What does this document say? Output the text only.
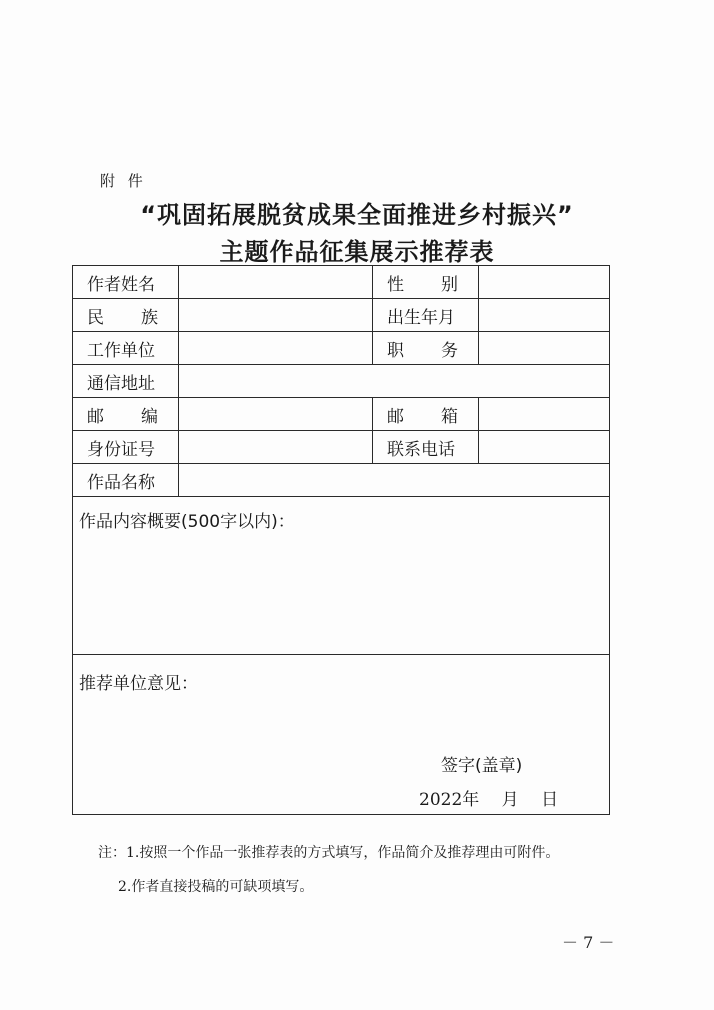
附 件
“巩固拓展脱贫成果全面推进乡村振兴”
主题作品征集展示推荐表
作者姓名		性 别	

民 族		出生年月	
工作单位		职 务	

通信地址			

邮 编		邮 箱	

身份证号		联系电话	
作品名称			
作品内容概要(500字以内)：			
推荐单位意见：
签字(盖章)
2022年　 月　 日			
注：1.按照一个作品一张推荐表的方式填写，作品简介及推荐理由可附件。
2.作者直接投稿的可缺项填写。
－ 7 －
